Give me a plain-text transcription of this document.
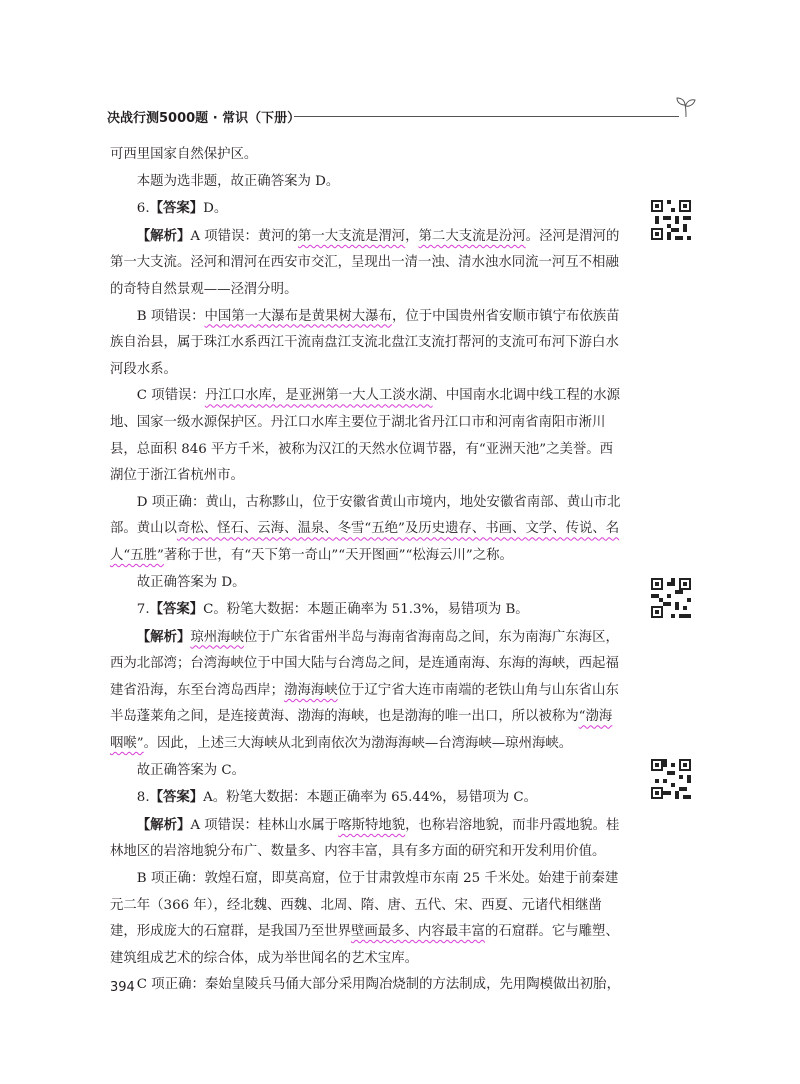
决战行测5000题 · 常识（下册）

可西里国家自然保护区。

本题为选非题，故正确答案为 D。

6.【答案】D。

【解析】A 项错误：黄河的第一大支流是渭河，第二大支流是汾河。泾河是渭河的第一大支流。泾河和渭河在西安市交汇，呈现出一清一浊、清水浊水同流一河互不相融的奇特自然景观——泾渭分明。

B 项错误：中国第一大瀑布是黄果树大瀑布，位于中国贵州省安顺市镇宁布依族苗族自治县，属于珠江水系西江干流南盘江支流北盘江支流打帮河的支流可布河下游白水河段水系。

C 项错误：丹江口水库，是亚洲第一大人工淡水湖、中国南水北调中线工程的水源地、国家一级水源保护区。丹江口水库主要位于湖北省丹江口市和河南省南阳市淅川县，总面积 846 平方千米，被称为汉江的天然水位调节器，有“亚洲天池”之美誉。西湖位于浙江省杭州市。

D 项正确：黄山，古称黟山，位于安徽省黄山市境内，地处安徽省南部、黄山市北部。黄山以奇松、怪石、云海、温泉、冬雪“五绝”及历史遗存、书画、文学、传说、名人“五胜”著称于世，有“天下第一奇山”“天开图画”“松海云川”之称。

故正确答案为 D。

7.【答案】C。粉笔大数据：本题正确率为 51.3%，易错项为 B。

【解析】琼州海峡位于广东省雷州半岛与海南省海南岛之间，东为南海广东海区，西为北部湾；台湾海峡位于中国大陆与台湾岛之间，是连通南海、东海的海峡，西起福建省沿海，东至台湾岛西岸；渤海海峡位于辽宁省大连市南端的老铁山角与山东省山东半岛蓬莱角之间，是连接黄海、渤海的海峡，也是渤海的唯一出口，所以被称为“渤海咽喉”。因此，上述三大海峡从北到南依次为渤海海峡—台湾海峡—琼州海峡。

故正确答案为 C。

8.【答案】A。粉笔大数据：本题正确率为 65.44%，易错项为 C。

【解析】A 项错误：桂林山水属于喀斯特地貌，也称岩溶地貌，而非丹霞地貌。桂林地区的岩溶地貌分布广、数量多、内容丰富，具有多方面的研究和开发利用价值。

B 项正确：敦煌石窟，即莫高窟，位于甘肃敦煌市东南 25 千米处。始建于前秦建元二年（366 年），经北魏、西魏、北周、隋、唐、五代、宋、西夏、元诸代相继凿建，形成庞大的石窟群，是我国乃至世界壁画最多、内容最丰富的石窟群。它与雕塑、建筑组成艺术的综合体，成为举世闻名的艺术宝库。

C 项正确：秦始皇陵兵马俑大部分采用陶冶烧制的方法制成，先用陶模做出初胎，

394
